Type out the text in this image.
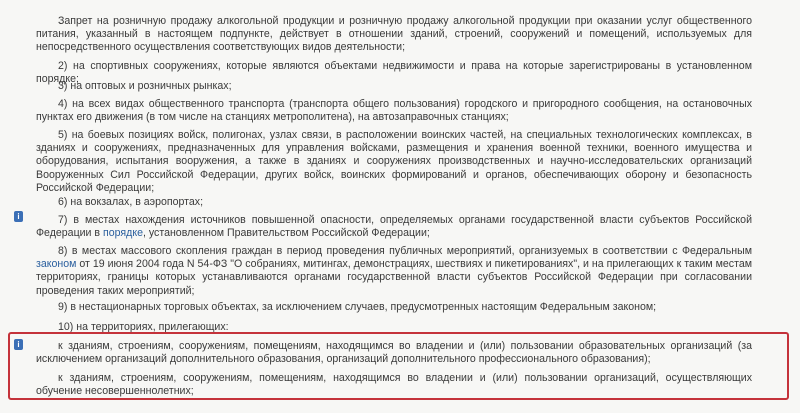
Запрет на розничную продажу алкогольной продукции и розничную продажу алкогольной продукции при оказании услуг общественного питания, указанный в настоящем подпункте, действует в отношении зданий, строений, сооружений и помещений, используемых для непосредственного осуществления соответствующих видов деятельности;

2) на спортивных сооружениях, которые являются объектами недвижимости и права на которые зарегистрированы в установленном порядке;

3) на оптовых и розничных рынках;

4) на всех видах общественного транспорта (транспорта общего пользования) городского и пригородного сообщения, на остановочных пунктах его движения (в том числе на станциях метрополитена), на автозаправочных станциях;

5) на боевых позициях войск, полигонах, узлах связи, в расположении воинских частей, на специальных технологических комплексах, в зданиях и сооружениях, предназначенных для управления войсками, размещения и хранения военной техники, военного имущества и оборудования, испытания вооружения, а также в зданиях и сооружениях производственных и научно-исследовательских организаций Вооруженных Сил Российской Федерации, других войск, воинских формирований и органов, обеспечивающих оборону и безопасность Российской Федерации;

6) на вокзалах, в аэропортах;

i	7) в местах нахождения источников повышенной опасности, определяемых органами государственной власти субъектов Российской Федерации в порядке, установленном Правительством Российской Федерации;

8) в местах массового скопления граждан в период проведения публичных мероприятий, организуемых в соответствии с Федеральным законом от 19 июня 2004 года N 54-ФЗ "О собраниях, митингах, демонстрациях, шествиях и пикетированиях", и на прилегающих к таким местам территориях, границы которых устанавливаются органами государственной власти субъектов Российской Федерации при согласовании проведения таких мероприятий;

9) в нестационарных торговых объектах, за исключением случаев, предусмотренных настоящим Федеральным законом;

10) на территориях, прилегающих:

i	к зданиям, строениям, сооружениям, помещениям, находящимся во владении и (или) пользовании образовательных организаций (за исключением организаций дополнительного образования, организаций дополнительного профессионального образования);

к зданиям, строениям, сооружениям, помещениям, находящимся во владении и (или) пользовании организаций, осуществляющих обучение несовершеннолетних;
